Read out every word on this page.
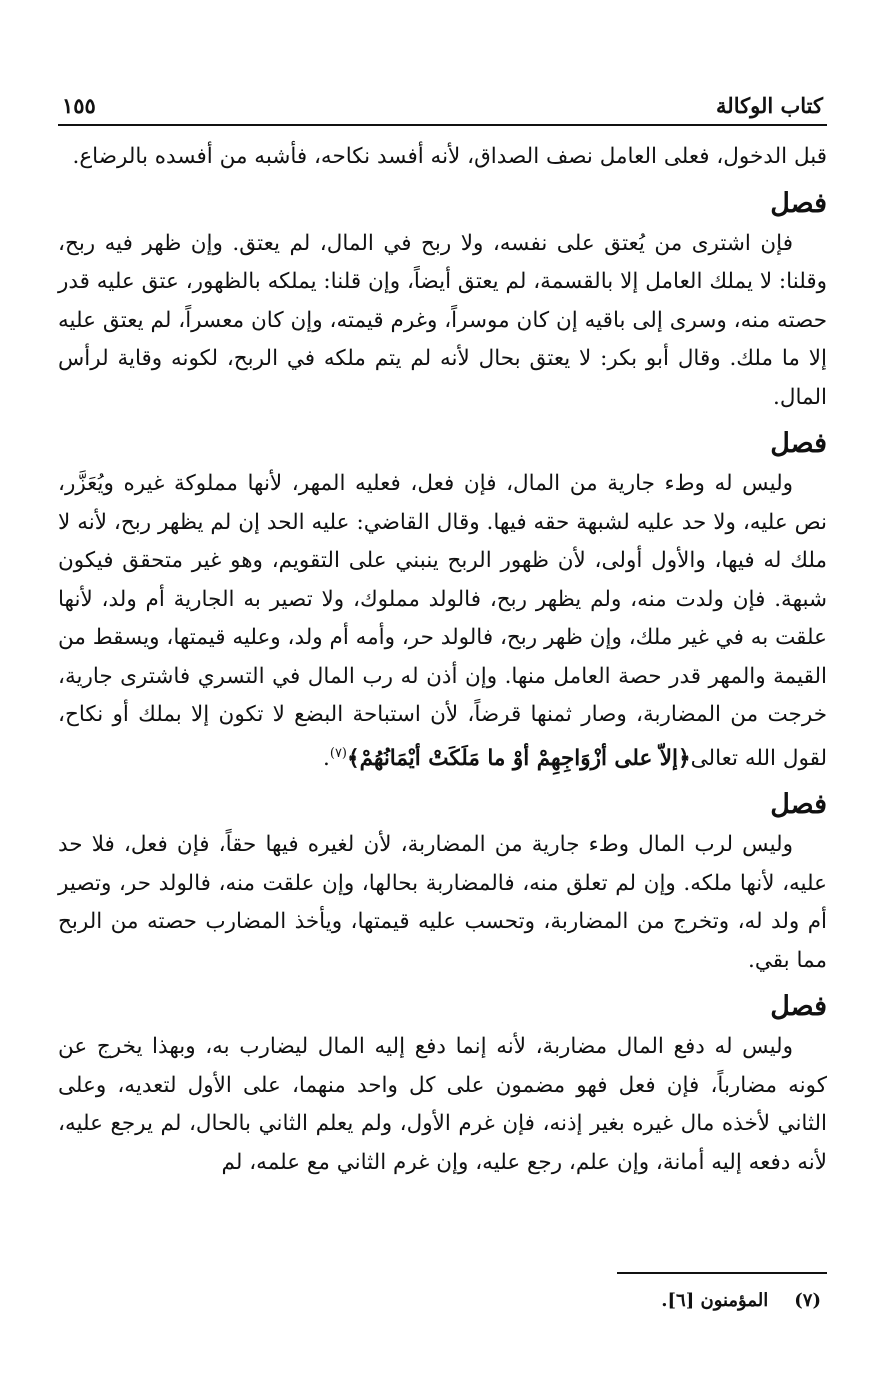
كتاب الوكالة
١٥٥

قبل الدخول، فعلى العامل نصف الصداق، لأنه أفسد نكاحه، فأشبه من أفسده بالرضاع.

فصل

فإن اشترى من يُعتق على نفسه، ولا ربح في المال، لم يعتق. وإن ظهر فيه ربح، وقلنا: لا يملك العامل إلا بالقسمة، لم يعتق أيضاً، وإن قلنا: يملكه بالظهور، عتق عليه قدر حصته منه، وسرى إلى باقيه إن كان موسراً، وغرم قيمته، وإن كان معسراً، لم يعتق عليه إلا ما ملك. وقال أبو بكر: لا يعتق بحال لأنه لم يتم ملكه في الربح، لكونه وقاية لرأس المال.

فصل

وليس له وطء جارية من المال، فإن فعل، فعليه المهر، لأنها مملوكة غيره ويُعَزَّر، نص عليه، ولا حد عليه لشبهة حقه فيها. وقال القاضي: عليه الحد إن لم يظهر ربح، لأنه لا ملك له فيها، والأول أولى، لأن ظهور الربح ينبني على التقويم، وهو غير متحقق فيكون شبهة. فإن ولدت منه، ولم يظهر ربح، فالولد مملوك، ولا تصير به الجارية أم ولد، لأنها علقت به في غير ملك، وإن ظهر ربح، فالولد حر، وأمه أم ولد، وعليه قيمتها، ويسقط من القيمة والمهر قدر حصة العامل منها. وإن أذن له رب المال في التسري فاشترى جارية، خرجت من المضاربة، وصار ثمنها قرضاً، لأن استباحة البضع لا تكون إلا بملك أو نكاح، لقول الله تعالى﴿إلاّ على أزْوَاجِهِمْ أوْ ما مَلَكَتْ أيْمَانُهُمْ﴾$^{(٧)}$.

فصل

وليس لرب المال وطء جارية من المضاربة، لأن لغيره فيها حقاً، فإن فعل، فلا حد عليه، لأنها ملكه. وإن لم تعلق منه، فالمضاربة بحالها، وإن علقت منه، فالولد حر، وتصير أم ولد له، وتخرج من المضاربة، وتحسب عليه قيمتها، ويأخذ المضارب حصته من الربح مما بقي.

فصل

وليس له دفع المال مضاربة، لأنه إنما دفع إليه المال ليضارب به، وبهذا يخرج عن كونه مضارباً، فإن فعل فهو مضمون على كل واحد منهما، على الأول لتعديه، وعلى الثاني لأخذه مال غيره بغير إذنه، فإن غرم الأول، ولم يعلم الثاني بالحال، لم يرجع عليه، لأنه دفعه إليه أمانة، وإن علم، رجع عليه، وإن غرم الثاني مع علمه، لم

(٧)المؤمنون [٦].
